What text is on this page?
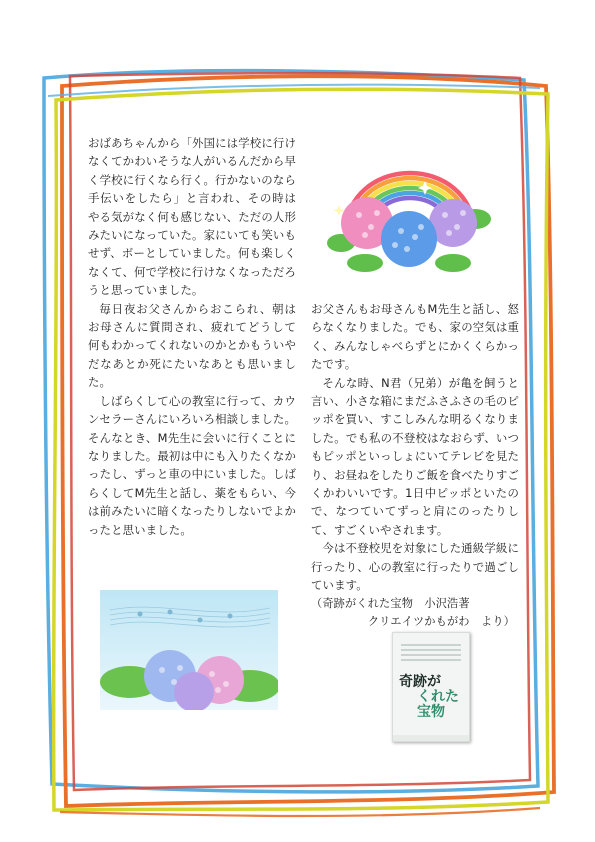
おばあちゃんから「外国には学校に行けなくてかわいそうな人がいるんだから早く学校に行くなら行く。行かないのなら手伝いをしたら」と言われ、その時はやる気がなく何も感じない、ただの人形みたいになっていた。家にいても笑いもせず、ボーとしていました。何も楽しくなくて、何で学校に行けなくなっただろうと思っていました。

毎日夜お父さんからおこられ、朝はお母さんに質問され、疲れてどうして何もわかってくれないのかとかもういやだなあとか死にたいなあとも思いました。

しばらくして心の教室に行って、カウンセラーさんにいろいろ相談しました。そんなとき、M先生に会いに行くことになりました。最初は中にも入りたくなかったし、ずっと車の中にいました。しばらくしてM先生と話し、薬をもらい、今は前みたいに暗くなったりしないでよかったと思いました。

お父さんもお母さんもM先生と話し、怒らなくなりました。でも、家の空気は重く、みんなしゃべらずとにかくくらかったです。

そんな時、N君（兄弟）が亀を飼うと言い、小さな箱にまだふさふさの毛のピッポを買い、すこしみんな明るくなりました。でも私の不登校はなおらず、いつもピッポといっしょにいてテレビを見たり、お昼ねをしたりご飯を食べたりすごくかわいいです。1日中ピッポといたので、なつていてずっと肩にのったりして、すごくいやされます。

今は不登校児を対象にした通級学級に行ったり、心の教室に行ったりで過ごしています。

（奇跡がくれた宝物　小沢浩著

クリエイツかもがわ　より）

奇跡が
くれた
宝物
